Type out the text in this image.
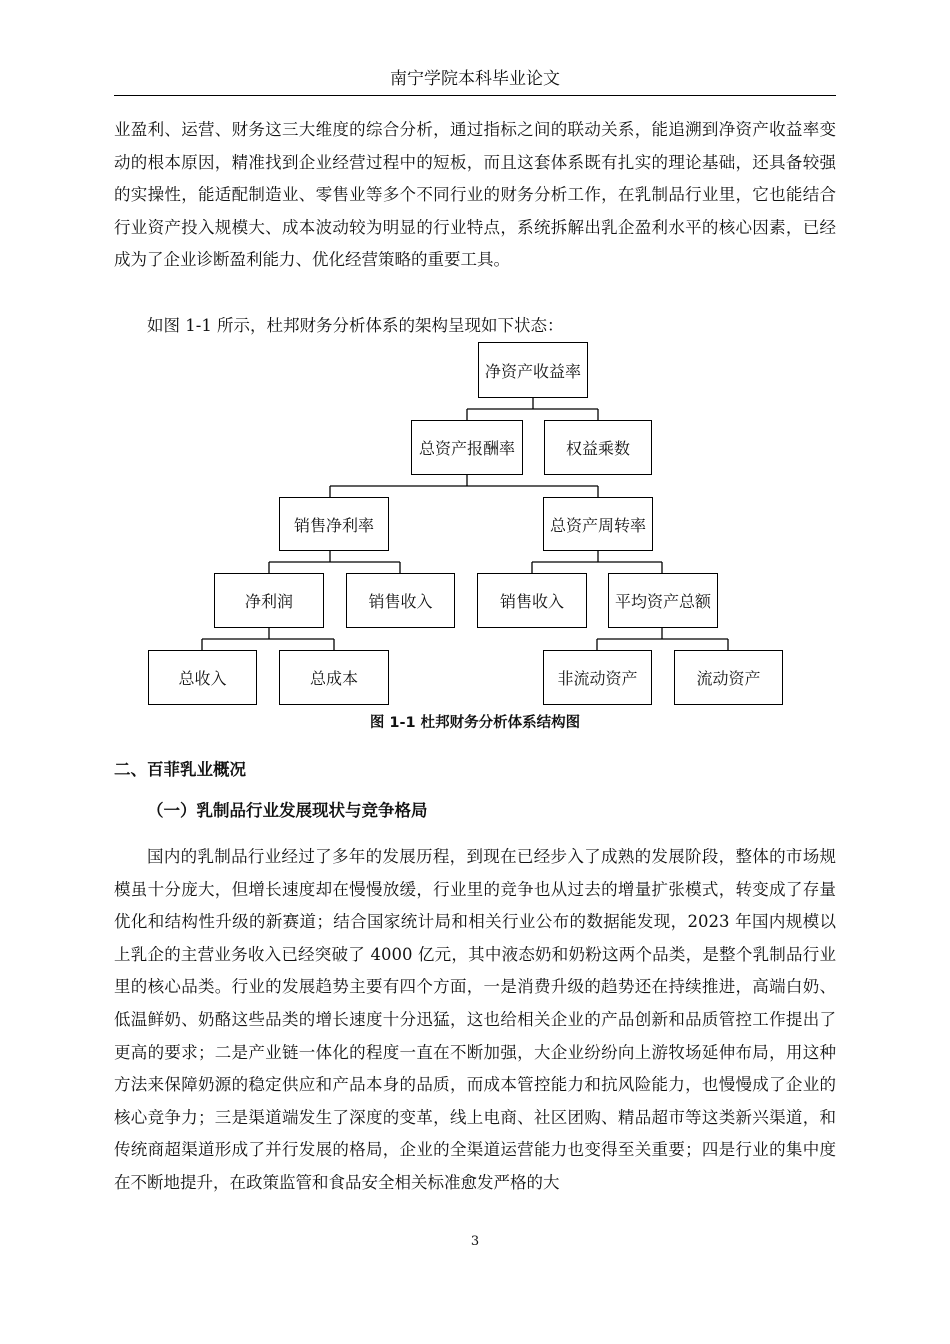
南宁学院本科毕业论文

业盈利、运营、财务这三大维度的综合分析，通过指标之间的联动关系，能追溯到净资产收益率变动的根本原因，精准找到企业经营过程中的短板，而且这套体系既有扎实的理论基础，还具备较强的实操性，能适配制造业、零售业等多个不同行业的财务分析工作，在乳制品行业里，它也能结合行业资产投入规模大、成本波动较为明显的行业特点，系统拆解出乳企盈利水平的核心因素，已经成为了企业诊断盈利能力、优化经营策略的重要工具。

如图 1-1 所示，杜邦财务分析体系的架构呈现如下状态：

净资产收益率
总资产报酬率	权益乘数
销售净利率	总资产周转率
净利润	销售收入	销售收入	平均资产总额
总收入	总成本	非流动资产	流动资产
图 1-1 杜邦财务分析体系结构图
二、百菲乳业概况
（一）乳制品行业发展现状与竞争格局

国内的乳制品行业经过了多年的发展历程，到现在已经步入了成熟的发展阶段，整体的市场规模虽十分庞大，但增长速度却在慢慢放缓，行业里的竞争也从过去的增量扩张模式，转变成了存量优化和结构性升级的新赛道；结合国家统计局和相关行业公布的数据能发现，2023 年国内规模以上乳企的主营业务收入已经突破了 4000 亿元，其中液态奶和奶粉这两个品类，是整个乳制品行业里的核心品类。行业的发展趋势主要有四个方面，一是消费升级的趋势还在持续推进，高端白奶、低温鲜奶、奶酪这些品类的增长速度十分迅猛，这也给相关企业的产品创新和品质管控工作提出了更高的要求；二是产业链一体化的程度一直在不断加强，大企业纷纷向上游牧场延伸布局，用这种方法来保障奶源的稳定供应和产品本身的品质，而成本管控能力和抗风险能力，也慢慢成了企业的核心竞争力；三是渠道端发生了深度的变革，线上电商、社区团购、精品超市等这类新兴渠道，和传统商超渠道形成了并行发展的格局，企业的全渠道运营能力也变得至关重要；四是行业的集中度在不断地提升，在政策监管和食品安全相关标准愈发严格的大

3
